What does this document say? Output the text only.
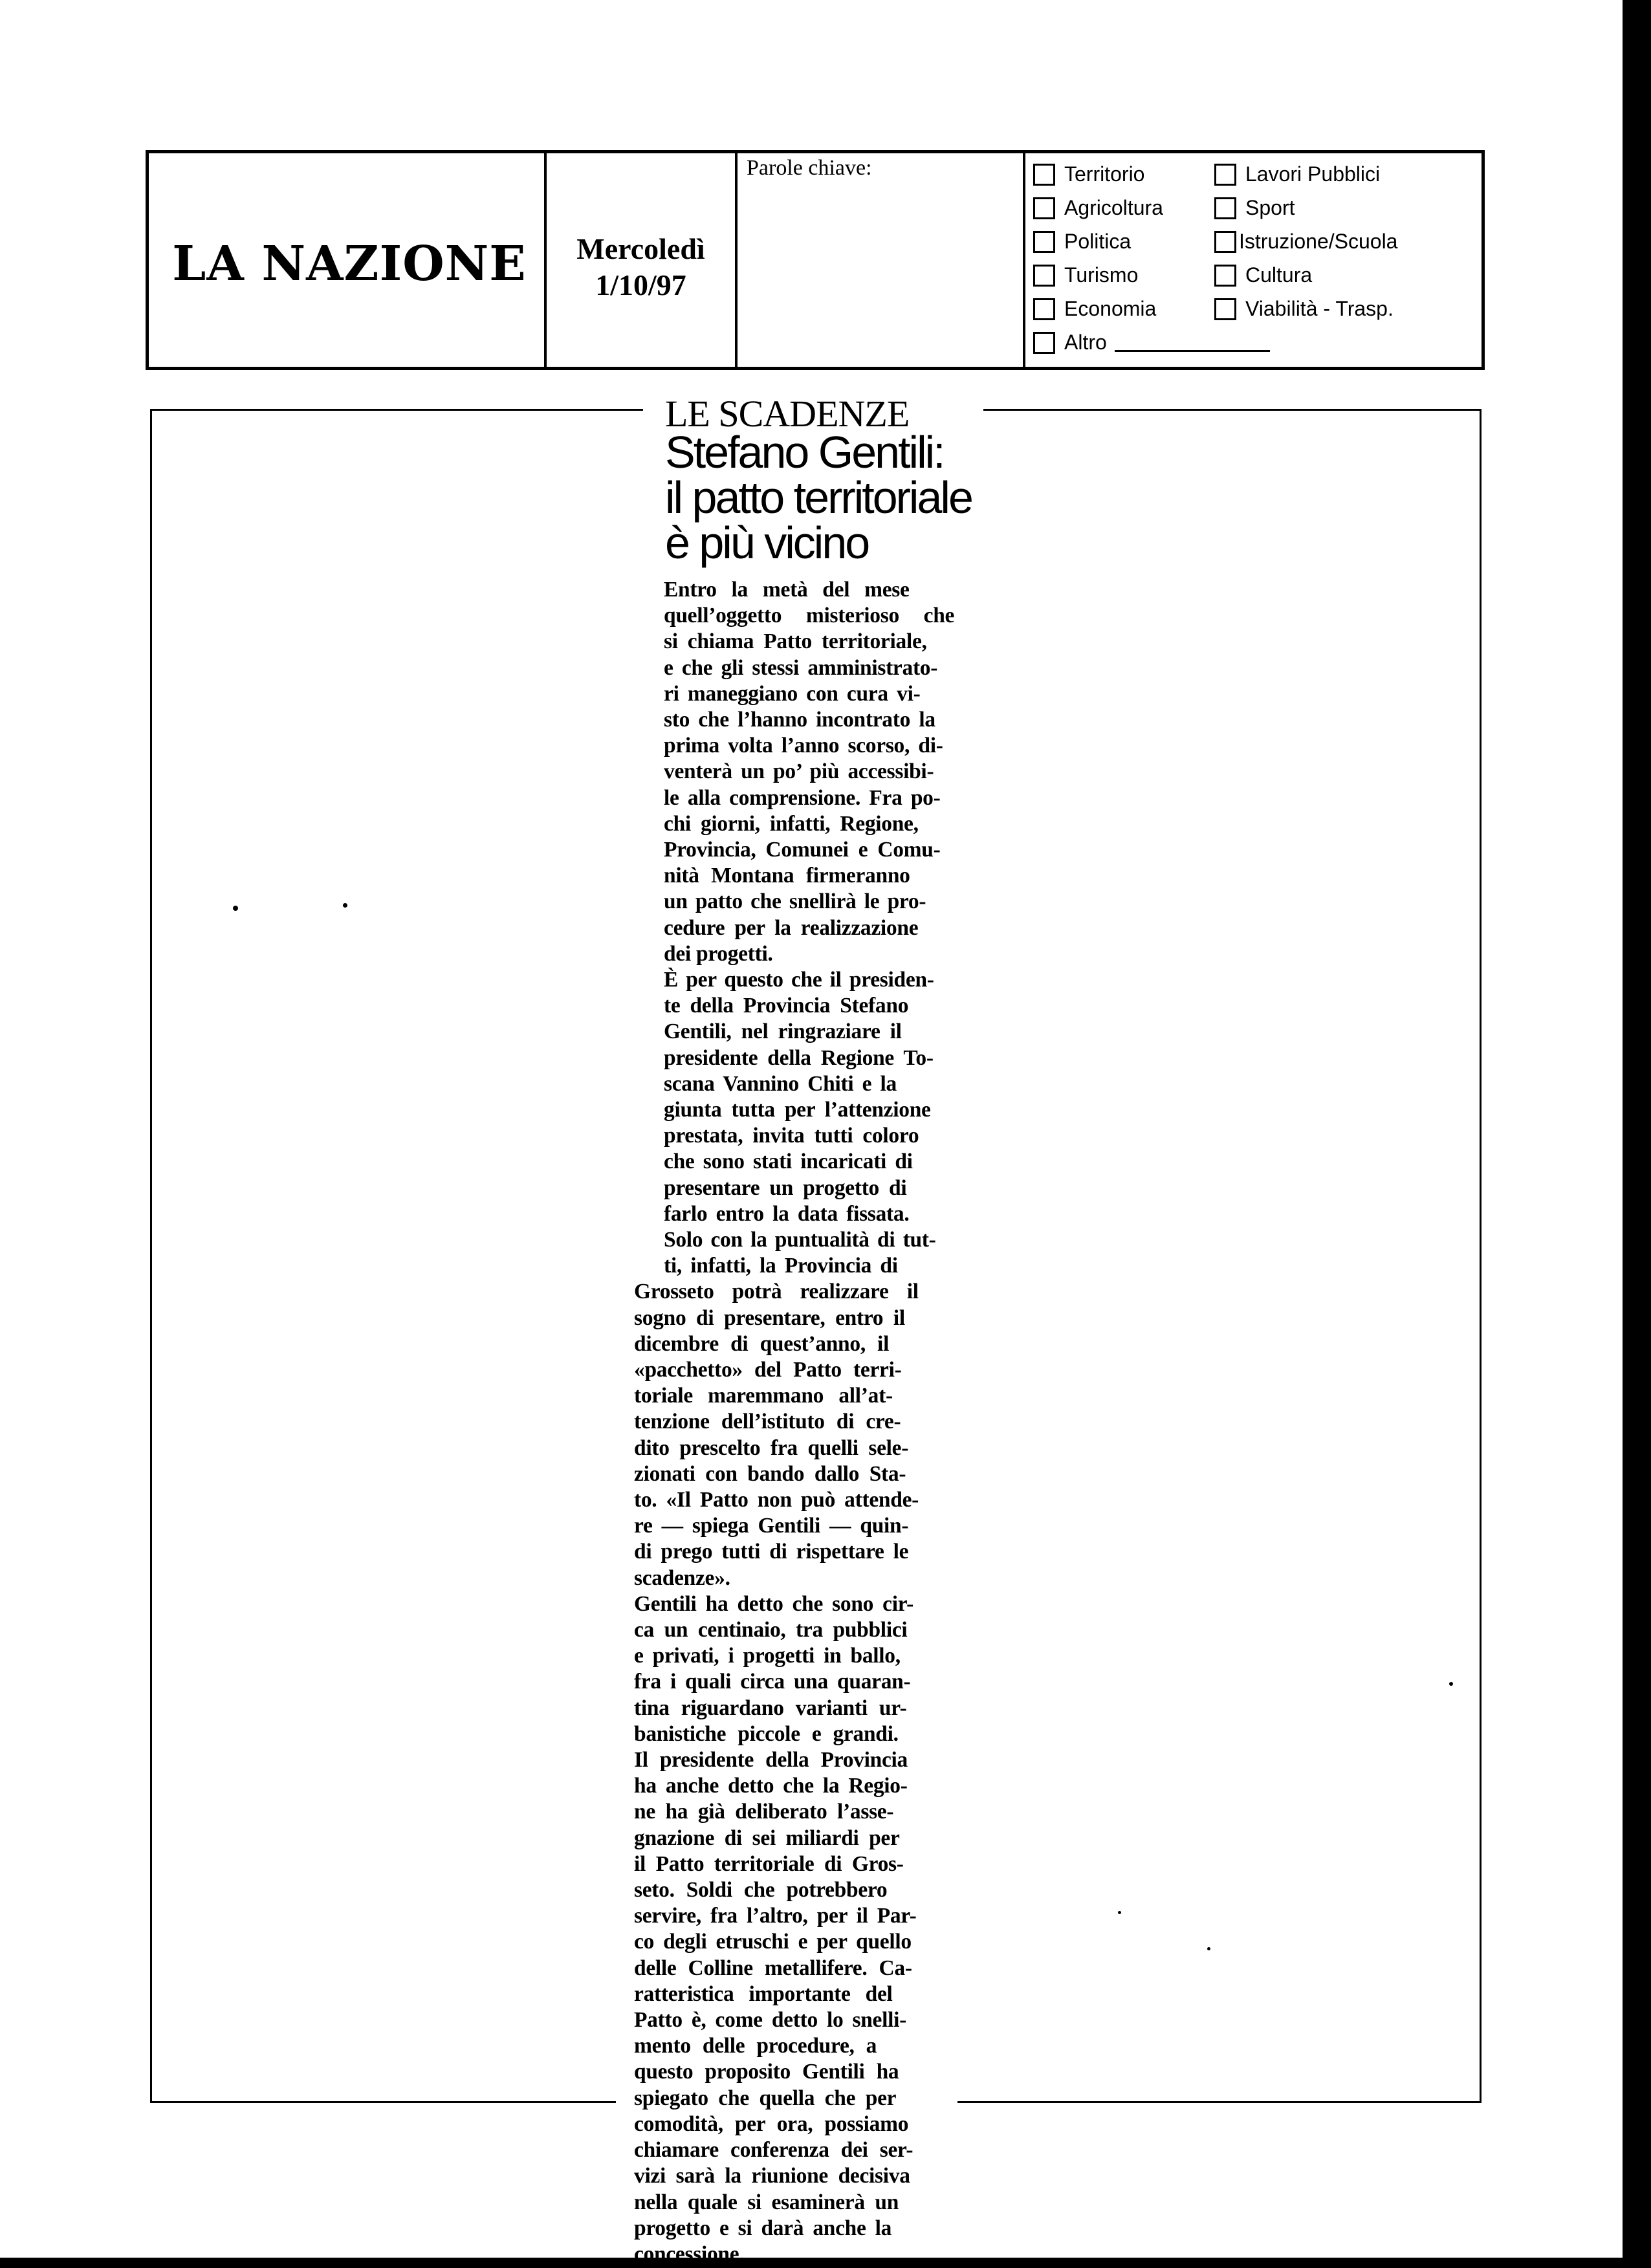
LA NAZIONE	Mercoledì
1/10/97
Parole chiave:	Territorio
Agricoltura
Politica
Turismo
Economia
Altro
Lavori Pubblici
Sport
Istruzione/Scuola
Cultura
Viabilità - Trasp.
LE SCADENZE
Stefano Gentili:
il patto territoriale
è più vicino
Entro la metà del mese
quell’oggetto misterioso che
si chiama Patto territoriale,
e che gli stessi amministrato-
ri maneggiano con cura vi-
sto che l’hanno incontrato la
prima volta l’anno scorso, di-
venterà un po’ più accessibi-
le alla comprensione. Fra po-
chi giorni, infatti, Regione,
Provincia, Comunei e Comu-
nità Montana firmeranno
un patto che snellirà le pro-
cedure per la realizzazione
dei progetti.
È per questo che il presiden-
te della Provincia Stefano
Gentili, nel ringraziare il
presidente della Regione To-
scana Vannino Chiti e la
giunta tutta per l’attenzione
prestata, invita tutti coloro
che sono stati incaricati di
presentare un progetto di
farlo entro la data fissata.
Solo con la puntualità di tut-
ti, infatti, la Provincia di
Grosseto potrà realizzare il
sogno di presentare, entro il
dicembre di quest’anno, il
«pacchetto» del Patto terri-
toriale maremmano all’at-
tenzione dell’istituto di cre-
dito prescelto fra quelli sele-
zionati con bando dallo Sta-
to. «Il Patto non può attende-
re — spiega Gentili — quin-
di prego tutti di rispettare le
scadenze».
Gentili ha detto che sono cir-
ca un centinaio, tra pubblici
e privati, i progetti in ballo,
fra i quali circa una quaran-
tina riguardano varianti ur-
banistiche piccole e grandi.
Il presidente della Provincia
ha anche detto che la Regio-
ne ha già deliberato l’asse-
gnazione di sei miliardi per
il Patto territoriale di Gros-
seto. Soldi che potrebbero
servire, fra l’altro, per il Par-
co degli etruschi e per quello
delle Colline metallifere. Ca-
ratteristica importante del
Patto è, come detto lo snelli-
mento delle procedure, a
questo proposito Gentili ha
spiegato che quella che per
comodità, per ora, possiamo
chiamare conferenza dei ser-
vizi sarà la riunione decisiva
nella quale si esaminerà un
progetto e si darà anche la
concessione.
